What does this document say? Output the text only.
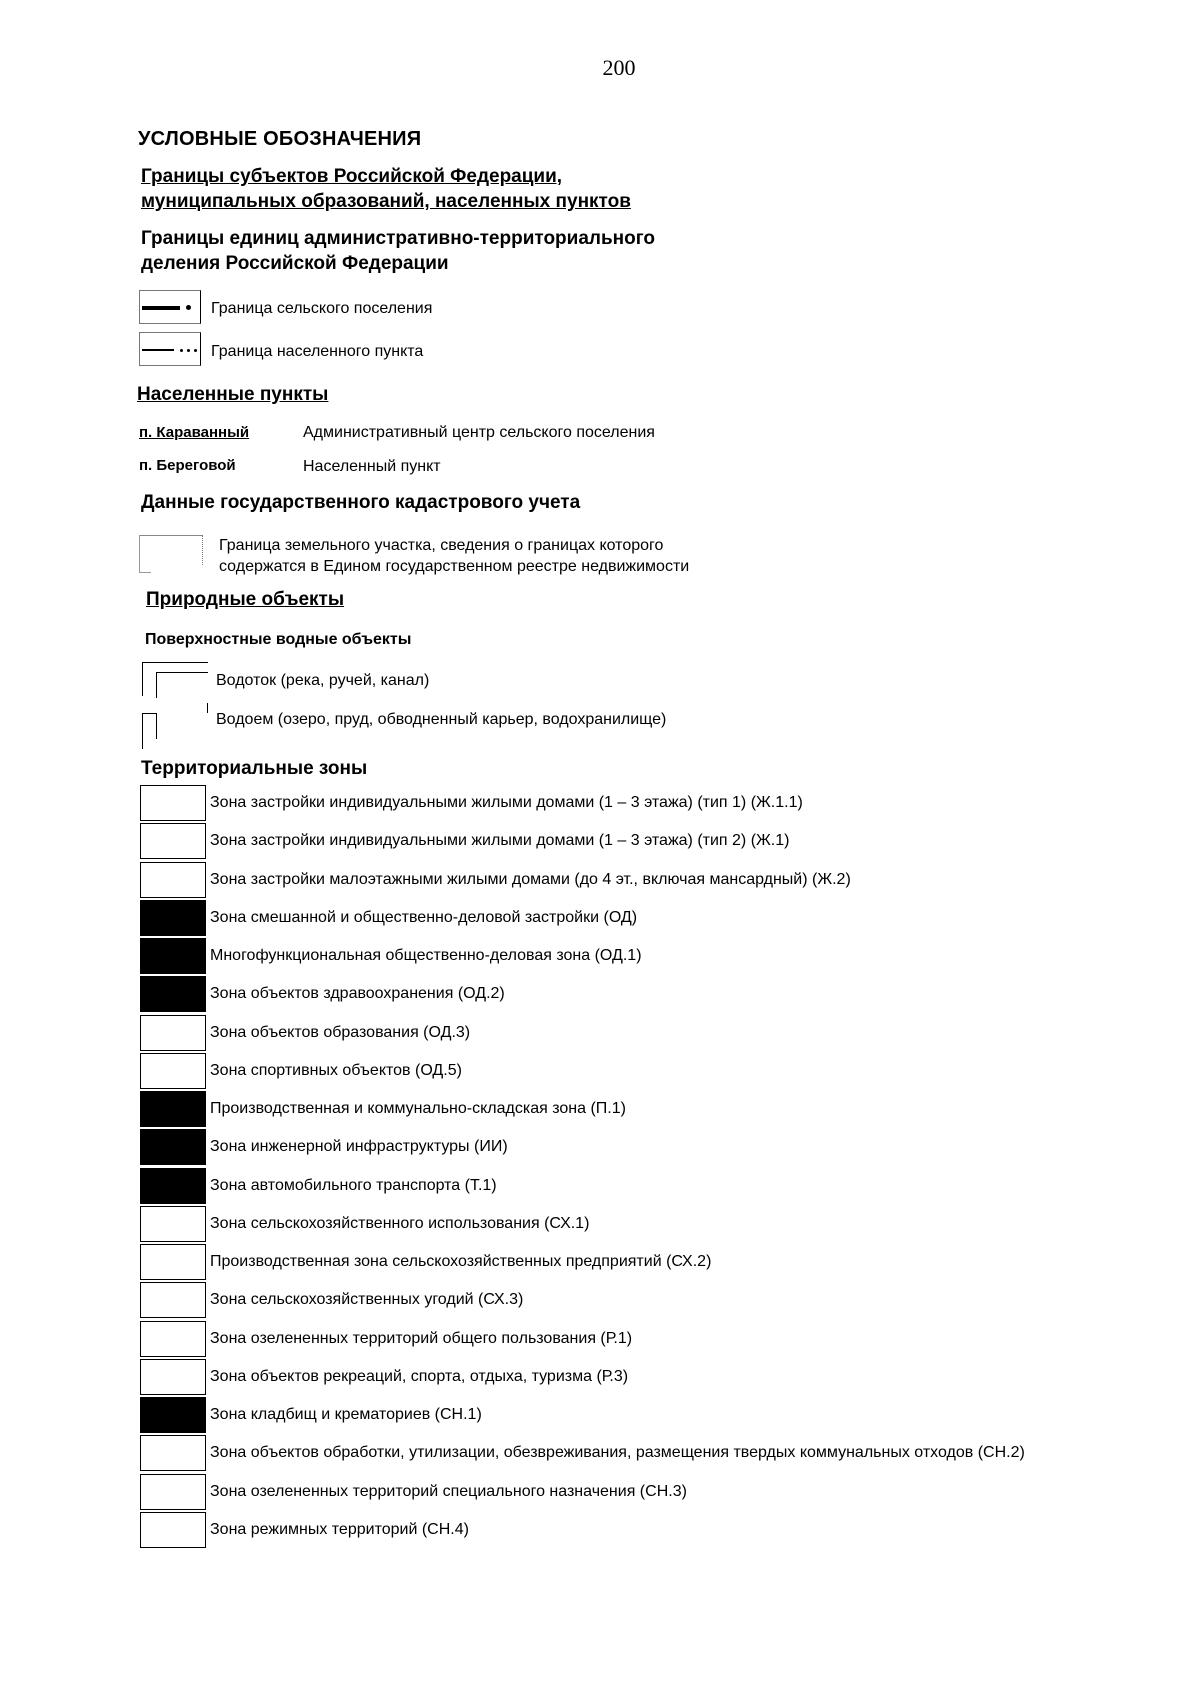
200
УСЛОВНЫЕ ОБОЗНАЧЕНИЯ
Границы субъектов Российской Федерации,
муниципальных образований, населенных пунктов
Границы единиц административно-территориального
деления Российской Федерации
Граница сельского поселения
Граница населенного пункта
Населенные пункты
п. Караванный	Административный центр сельского поселения
п. Береговой	Населенный пункт
Данные государственного кадастрового учета
Граница земельного участка, сведения о границах которого
содержатся в Едином государственном реестре недвижимости
Природные объекты
Поверхностные водные объекты
Водоток (река, ручей, канал)
Водоем (озеро, пруд, обводненный карьер, водохранилище)
Территориальные зоны
Зона застройки индивидуальными жилыми домами (1 – 3 этажа) (тип 1) (Ж.1.1)
Зона застройки индивидуальными жилыми домами (1 – 3 этажа) (тип 2) (Ж.1)
Зона застройки малоэтажными жилыми домами (до 4 эт., включая мансардный) (Ж.2)
Зона смешанной и общественно-деловой застройки (ОД)
Многофункциональная общественно-деловая зона (ОД.1)
Зона объектов здравоохранения (ОД.2)
Зона объектов образования (ОД.3)
Зона спортивных объектов (ОД.5)
Производственная и коммунально-складская зона (П.1)
Зона инженерной инфраструктуры (ИИ)
Зона автомобильного транспорта (Т.1)
Зона сельскохозяйственного использования (СХ.1)
Производственная зона сельскохозяйственных предприятий (СХ.2)
Зона сельскохозяйственных угодий (СХ.3)
Зона озелененных территорий общего пользования (Р.1)
Зона объектов рекреаций, спорта, отдыха, туризма (Р.3)
Зона кладбищ и крематориев (СН.1)
Зона объектов обработки, утилизации, обезвреживания, размещения твердых коммунальных отходов (СН.2)
Зона озелененных территорий специального назначения (СН.3)
Зона режимных территорий (СН.4)
